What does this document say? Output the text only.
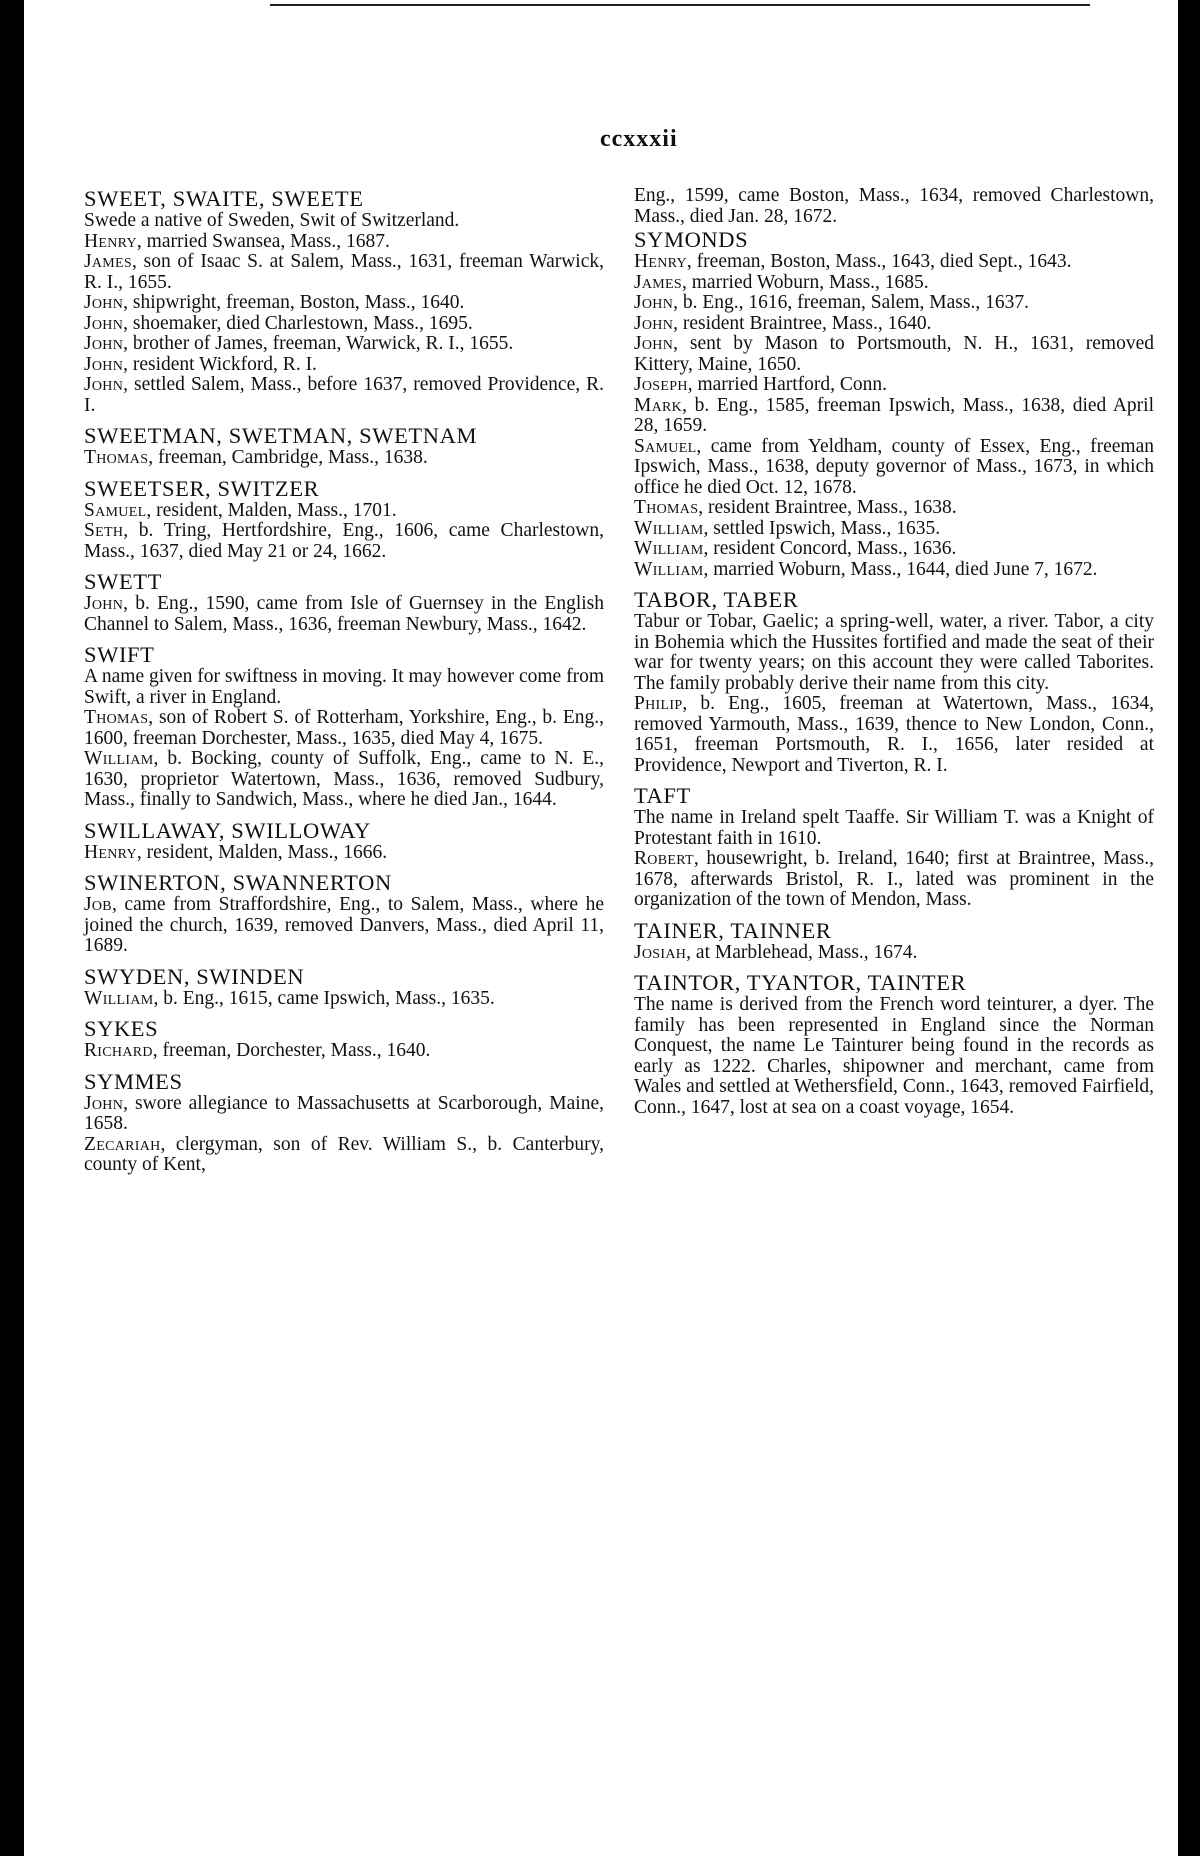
ccxxxii

SWEET, SWAITE, SWEETE

Swede a native of Sweden, Swit of Switzerland.

Henry, married Swansea, Mass., 1687.

James, son of Isaac S. at Salem, Mass., 1631, freeman Warwick, R. I., 1655.

John, shipwright, freeman, Boston, Mass., 1640.

John, shoemaker, died Charlestown, Mass., 1695.

John, brother of James, freeman, Warwick, R. I., 1655.

John, resident Wickford, R. I.

John, settled Salem, Mass., before 1637, removed Providence, R. I.

SWEETMAN, SWETMAN, SWETNAM

Thomas, freeman, Cambridge, Mass., 1638.

SWEETSER, SWITZER

Samuel, resident, Malden, Mass., 1701.

Seth, b. Tring, Hertfordshire, Eng., 1606, came Charlestown, Mass., 1637, died May 21 or 24, 1662.

SWETT

John, b. Eng., 1590, came from Isle of Guernsey in the English Channel to Salem, Mass., 1636, freeman Newbury, Mass., 1642.

SWIFT

A name given for swiftness in moving. It may however come from Swift, a river in England.

Thomas, son of Robert S. of Rotterham, Yorkshire, Eng., b. Eng., 1600, freeman Dorchester, Mass., 1635, died May 4, 1675.

William, b. Bocking, county of Suffolk, Eng., came to N. E., 1630, proprietor Watertown, Mass., 1636, removed Sudbury, Mass., finally to Sandwich, Mass., where he died Jan., 1644.

SWILLAWAY, SWILLOWAY

Henry, resident, Malden, Mass., 1666.

SWINERTON, SWANNERTON

Job, came from Straffordshire, Eng., to Salem, Mass., where he joined the church, 1639, removed Danvers, Mass., died April 11, 1689.

SWYDEN, SWINDEN

William, b. Eng., 1615, came Ipswich, Mass., 1635.

SYKES

Richard, freeman, Dorchester, Mass., 1640.

SYMMES

John, swore allegiance to Massachusetts at Scarborough, Maine, 1658.

Zecariah, clergyman, son of Rev. William S., b. Canterbury, county of Kent,

Eng., 1599, came Boston, Mass., 1634, removed Charlestown, Mass., died Jan. 28, 1672.

SYMONDS

Henry, freeman, Boston, Mass., 1643, died Sept., 1643.

James, married Woburn, Mass., 1685.

John, b. Eng., 1616, freeman, Salem, Mass., 1637.

John, resident Braintree, Mass., 1640.

John, sent by Mason to Portsmouth, N. H., 1631, removed Kittery, Maine, 1650.

Joseph, married Hartford, Conn.

Mark, b. Eng., 1585, freeman Ipswich, Mass., 1638, died April 28, 1659.

Samuel, came from Yeldham, county of Essex, Eng., freeman Ipswich, Mass., 1638, deputy governor of Mass., 1673, in which office he died Oct. 12, 1678.

Thomas, resident Braintree, Mass., 1638.

William, settled Ipswich, Mass., 1635.

William, resident Concord, Mass., 1636.

William, married Woburn, Mass., 1644, died June 7, 1672.

TABOR, TABER

Tabur or Tobar, Gaelic; a spring-well, water, a river. Tabor, a city in Bohemia which the Hussites fortified and made the seat of their war for twenty years; on this account they were called Taborites. The family probably derive their name from this city.

Philip, b. Eng., 1605, freeman at Watertown, Mass., 1634, removed Yarmouth, Mass., 1639, thence to New London, Conn., 1651, freeman Portsmouth, R. I., 1656, later resided at Providence, Newport and Tiverton, R. I.

TAFT

The name in Ireland spelt Taaffe. Sir William T. was a Knight of Protestant faith in 1610.

Robert, housewright, b. Ireland, 1640; first at Braintree, Mass., 1678, afterwards Bristol, R. I., lated was prominent in the organization of the town of Mendon, Mass.

TAINER, TAINNER

Josiah, at Marblehead, Mass., 1674.

TAINTOR, TYANTOR, TAINTER

The name is derived from the French word teinturer, a dyer. The family has been represented in England since the Norman Conquest, the name Le Tainturer being found in the records as early as 1222. Charles, shipowner and merchant, came from Wales and settled at Wethersfield, Conn., 1643, removed Fairfield, Conn., 1647, lost at sea on a coast voyage, 1654.
